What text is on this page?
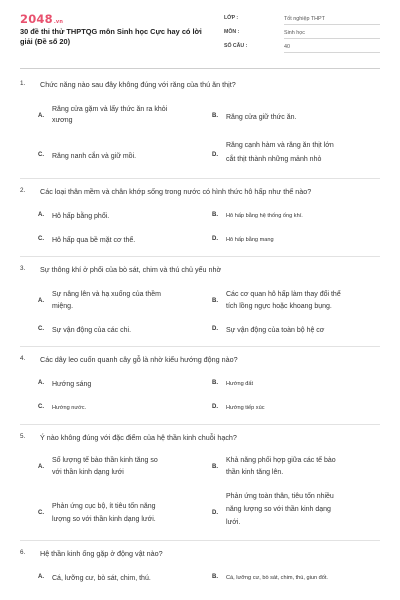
2048.vn
30 đề thi thử THPTQG môn Sinh học Cực hay có lời giải (Đề số 20)
LỚP :	Tốt nghiệp THPT
MÔN :	Sinh học
SỐ CÂU :	40
1. Chức năng nào sau đây không đúng với răng của thú ăn thịt?
A.
Răng cửa gặm và lấy thức ăn ra khỏi
xương
B. Răng cửa giữ thức ăn.
C. Răng nanh cắn và giữ mồi.	D.
Răng cạnh hàm và răng ăn thịt lớn
cắt thịt thành những mảnh nhỏ
2. Các loại thân mềm và chân khớp sống trong nước có hình thức hô hấp như thế nào?
A. Hô hấp bằng phổi.	B. Hô hấp bằng hệ thống ống khí.
C. Hô hấp qua bề mặt cơ thể.	D. Hô hấp bằng mang
3. Sự thông khí ở phổi của bò sát, chim và thú chủ yếu nhờ
A.
Sự nâng lên và hạ xuống của thềm
miệng.
B.
Các cơ quan hô hấp làm thay đổi thể
tích lồng ngực hoặc khoang bụng.
C. Sự vận động của các chi.	D. Sự vận động của toàn bộ hệ cơ
4. Các dây leo cuốn quanh cây gỗ là nhờ kiểu hướng động nào?
A. Hướng sáng	B. Hướng đất
C. Hướng nước.	D. Hướng tiếp xúc
5. Ý nào không đúng với đặc điểm của hệ thần kinh chuỗi hạch?
A.
Số lượng tế bào thần kinh tăng so
với thần kinh dạng lưới
B.
Khả năng phối hợp giữa các tế bào
thần kinh tăng lên.
C.
Phản ứng cục bộ, ít tiêu tốn năng
lượng so với thần kinh dạng lưới.
D.
Phản ứng toàn thân, tiêu tốn nhiều
năng lượng so với thần kinh dạng
lưới.
6. Hệ thần kinh ống gặp ở động vật nào?
A. Cá, lưỡng cư, bò sát, chim, thú.	B. Cá, lưỡng cư, bò sát, chim, thú, giun đốt.
